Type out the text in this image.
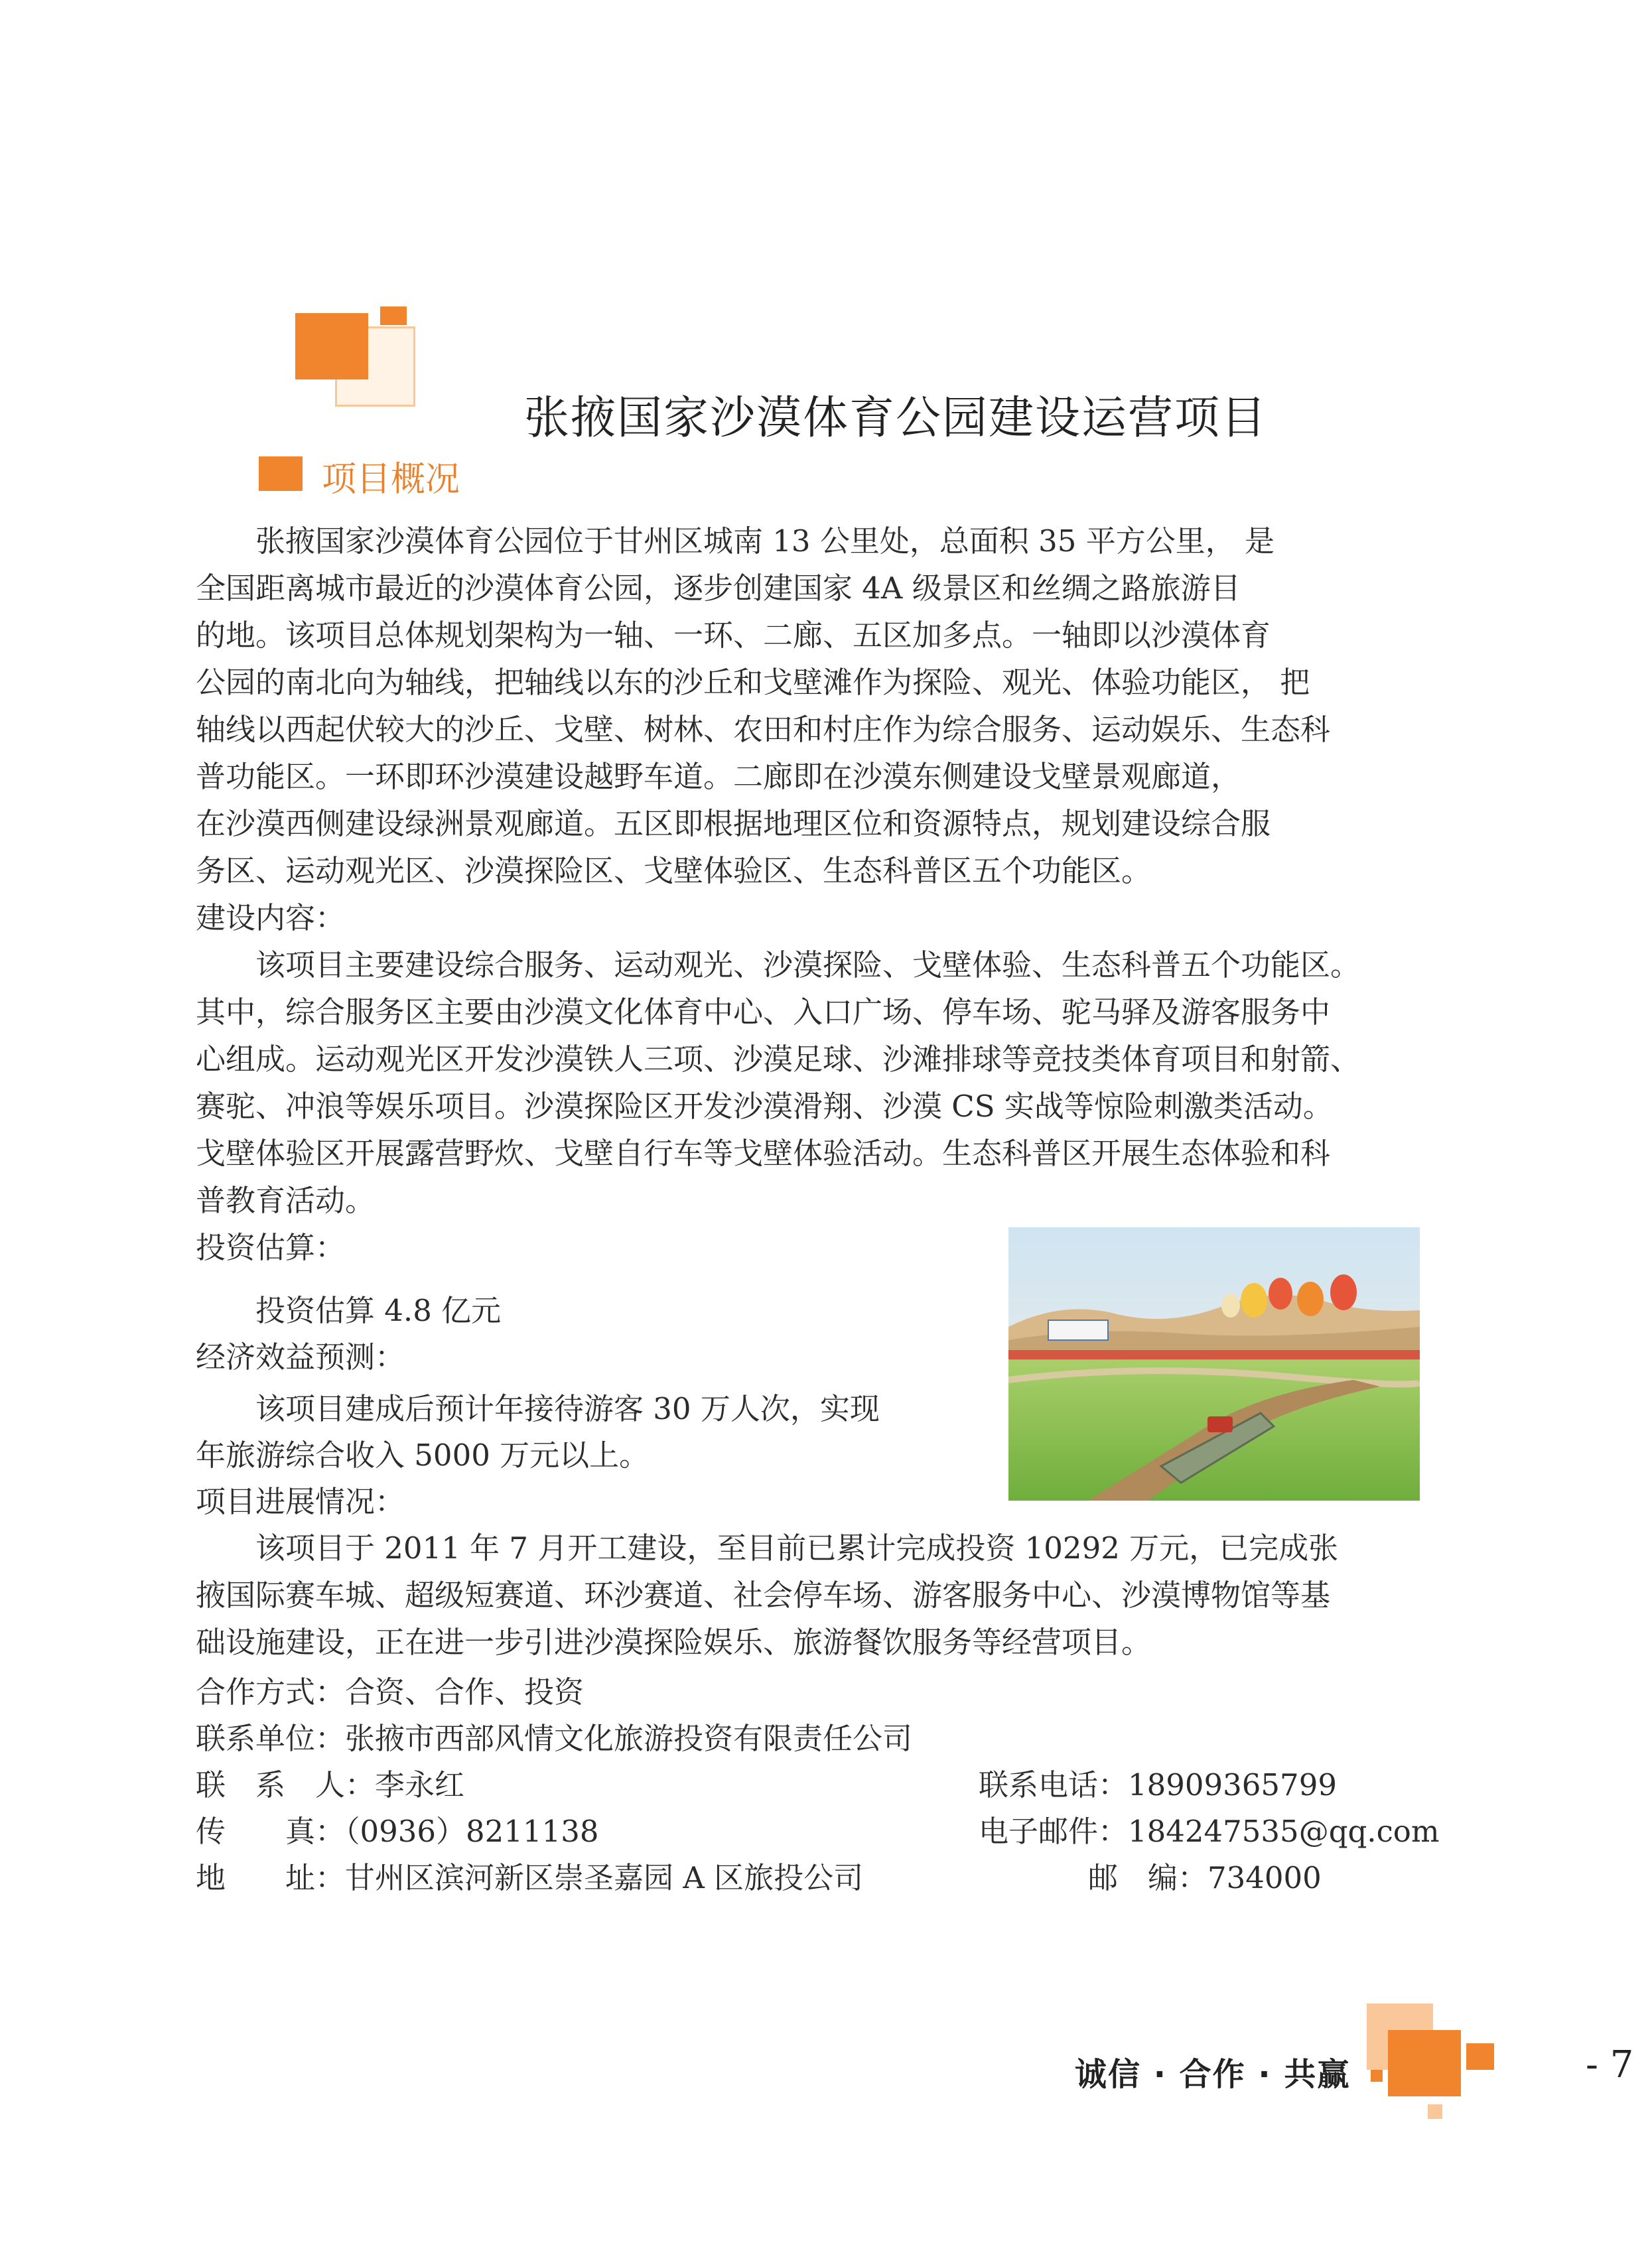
张掖国家沙漠体育公园建设运营项目
项目概况
张掖国家沙漠体育公园位于甘州区城南 13 公里处，总面积 35 平方公里， 是
全国距离城市最近的沙漠体育公园，逐步创建国家 4A 级景区和丝绸之路旅游目
的地。该项目总体规划架构为一轴、一环、二廊、五区加多点。一轴即以沙漠体育
公园的南北向为轴线，把轴线以东的沙丘和戈壁滩作为探险、观光、体验功能区， 把
轴线以西起伏较大的沙丘、戈壁、树林、农田和村庄作为综合服务、运动娱乐、生态科
普功能区。一环即环沙漠建设越野车道。二廊即在沙漠东侧建设戈壁景观廊道，
在沙漠西侧建设绿洲景观廊道。五区即根据地理区位和资源特点，规划建设综合服
务区、运动观光区、沙漠探险区、戈壁体验区、生态科普区五个功能区。
建设内容：
该项目主要建设综合服务、运动观光、沙漠探险、戈壁体验、生态科普五个功能区。
其中，综合服务区主要由沙漠文化体育中心、入口广场、停车场、驼马驿及游客服务中
心组成。运动观光区开发沙漠铁人三项、沙漠足球、沙滩排球等竞技类体育项目和射箭、
赛驼、冲浪等娱乐项目。沙漠探险区开发沙漠滑翔、沙漠 CS 实战等惊险刺激类活动。
戈壁体验区开展露营野炊、戈壁自行车等戈壁体验活动。生态科普区开展生态体验和科
普教育活动。
投资估算：
投资估算 4.8 亿元
经济效益预测：
该项目建成后预计年接待游客 30 万人次，实现
年旅游综合收入 5000 万元以上。
项目进展情况：
该项目于 2011 年 7 月开工建设，至目前已累计完成投资 10292 万元，已完成张
掖国际赛车城、超级短赛道、环沙赛道、社会停车场、游客服务中心、沙漠博物馆等基
础设施建设，正在进一步引进沙漠探险娱乐、旅游餐饮服务等经营项目。
合作方式：合资、合作、投资
联系单位：张掖市西部风情文化旅游投资有限责任公司
联　系　人：李永红	联系电话：18909365799
传　　真：（0936）8211138	电子邮件：184247535@qq.com
地　　址：甘州区滨河新区崇圣嘉园 A 区旅投公司	邮　编：734000
诚信 · 合作 · 共赢	- 7
